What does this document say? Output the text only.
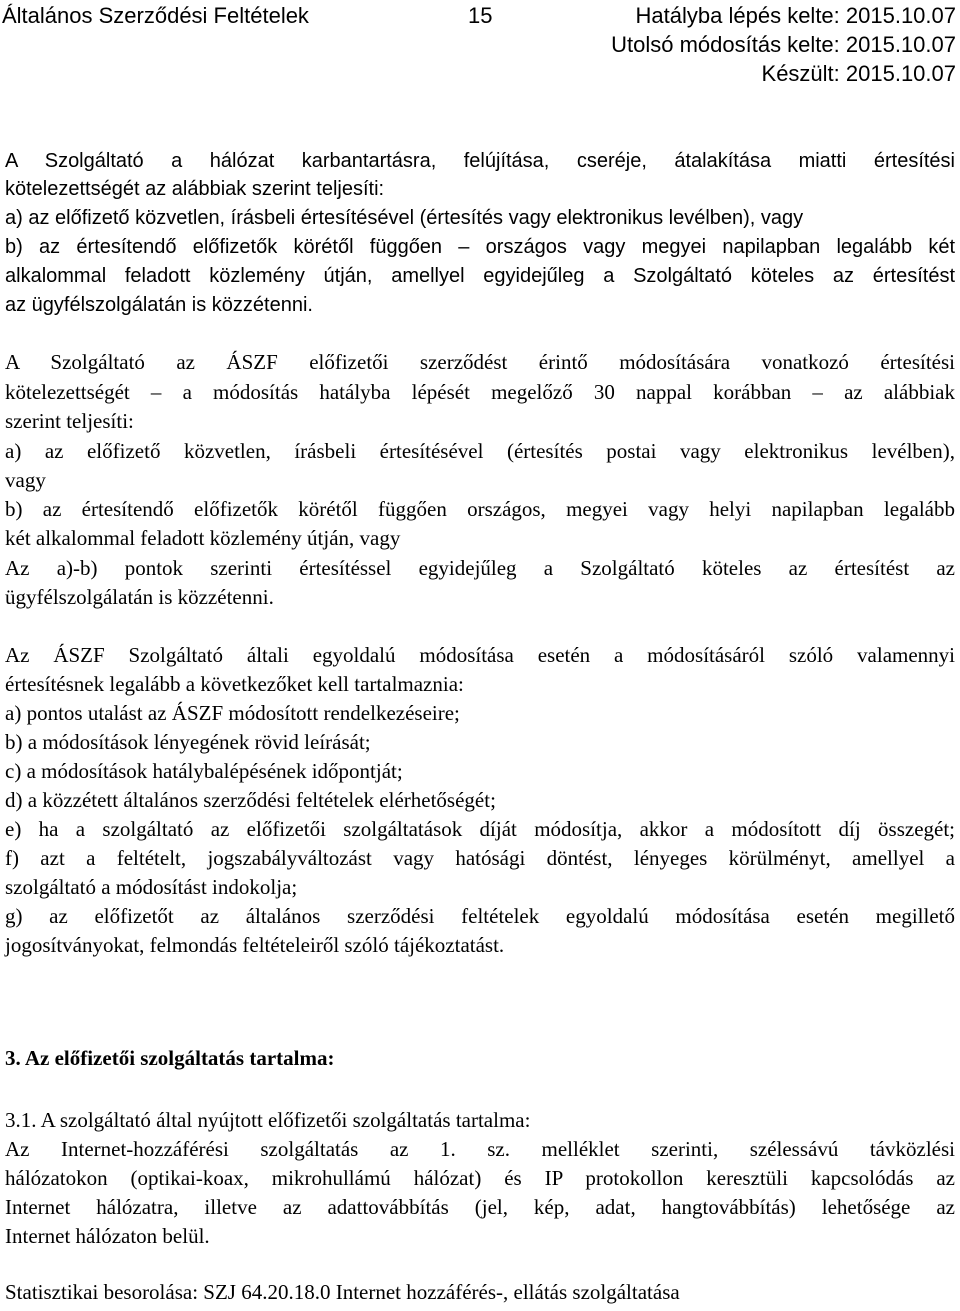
Általános Szerződési Feltételek	15	Hatályba lépés kelte: 2015.10.07
Utolsó módosítás kelte: 2015.10.07
Készült: 2015.10.07
A Szolgáltató a hálózat karbantartásra, felújítása, cseréje, átalakítása miatti értesítési
kötelezettségét az alábbiak szerint teljesíti:
a) az előfizető közvetlen, írásbeli értesítésével (értesítés vagy elektronikus levélben), vagy
b) az értesítendő előfizetők körétől függően – országos vagy megyei napilapban legalább két
alkalommal feladott közlemény útján, amellyel egyidejűleg a Szolgáltató köteles az értesítést
az ügyfélszolgálatán is közzétenni.
A Szolgáltató az ÁSZF előfizetői szerződést érintő módosítására vonatkozó értesítési
kötelezettségét – a módosítás hatályba lépését megelőző 30 nappal korábban – az alábbiak
szerint teljesíti:
a) az előfizető közvetlen, írásbeli értesítésével (értesítés postai vagy elektronikus levélben),
vagy
b) az értesítendő előfizetők körétől függően országos, megyei vagy helyi napilapban legalább
két alkalommal feladott közlemény útján, vagy
Az a)-b) pontok szerinti értesítéssel egyidejűleg a Szolgáltató köteles az értesítést az
ügyfélszolgálatán is közzétenni.
Az ÁSZF Szolgáltató általi egyoldalú módosítása esetén a módosításáról szóló valamennyi
értesítésnek legalább a következőket kell tartalmaznia:
a) pontos utalást az ÁSZF módosított rendelkezéseire;
b) a módosítások lényegének rövid leírását;
c) a módosítások hatálybalépésének időpontját;
d) a közzétett általános szerződési feltételek elérhetőségét;
e) ha a szolgáltató az előfizetői szolgáltatások díját módosítja, akkor a módosított díj összegét;
f) azt a feltételt, jogszabályváltozást vagy hatósági döntést, lényeges körülményt, amellyel a
szolgáltató a módosítást indokolja;
g) az előfizetőt az általános szerződési feltételek egyoldalú módosítása esetén megillető
jogosítványokat, felmondás feltételeiről szóló tájékoztatást.
3. Az előfizetői szolgáltatás tartalma:
3.1. A szolgáltató által nyújtott előfizetői szolgáltatás tartalma:
Az Internet-hozzáférési szolgáltatás az 1. sz. melléklet szerinti, szélessávú távközlési
hálózatokon (optikai-koax, mikrohullámú hálózat) és IP protokollon keresztüli kapcsolódás az
Internet hálózatra, illetve az adattovábbítás (jel, kép, adat, hangtovábbítás) lehetősége az
Internet hálózaton belül.
Statisztikai besorolása: SZJ 64.20.18.0 Internet hozzáférés-, ellátás szolgáltatása
